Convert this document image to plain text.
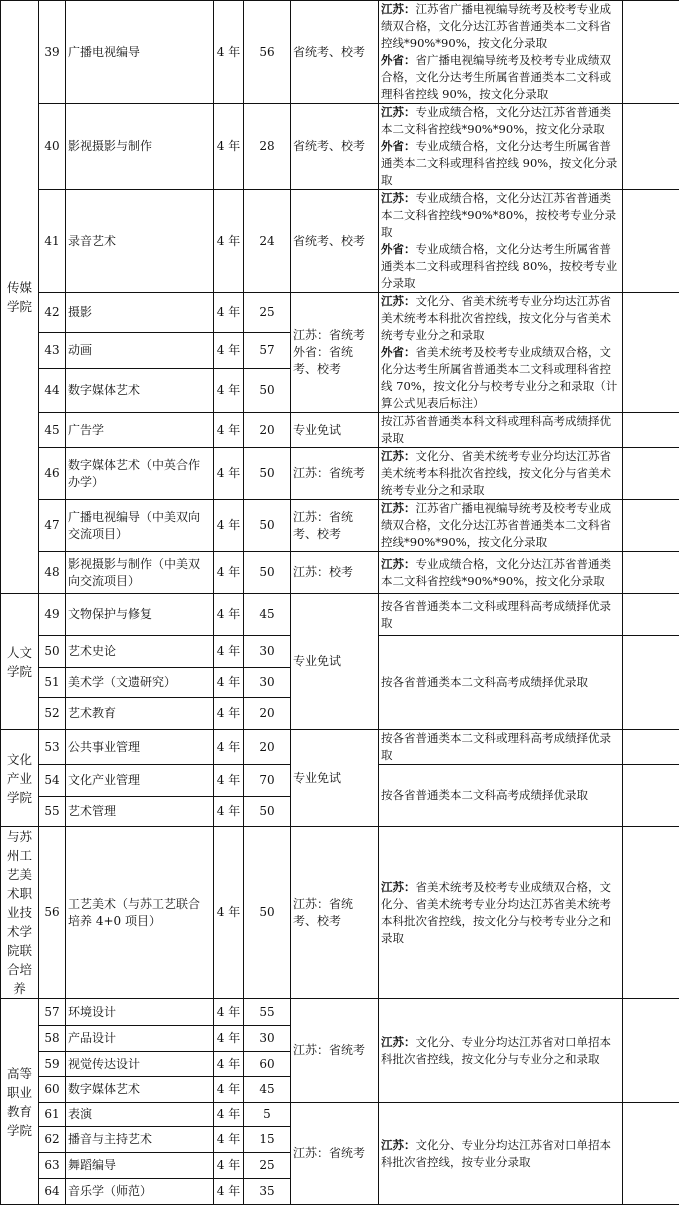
传媒学院	39	广播电视编导	4 年	56	省统考、校考	江苏：江苏省广播电视编导统考及校考专业成绩双合格，文化分达江苏省普通类本二文科省控线*90%*90%，按文化分录取
外省：省广播电视编导统考及校考专业成绩双合格，文化分达考生所属省普通类本二文科或理科省控线 90%，按文化分录取	

	40	影视摄影与制作	4 年	28	省统考、校考	江苏：专业成绩合格，文化分达江苏省普通类本二文科省控线*90%*90%，按文化分录取
外省：专业成绩合格，文化分达考生所属省普通类本二文科或理科省控线 90%，按文化分录取	

	41	录音艺术	4 年	24	省统考、校考	江苏：专业成绩合格，文化分达江苏省普通类本二文科省控线*90%*80%，按校考专业分录取
外省：专业成绩合格，文化分达考生所属省普通类本二文科或理科省控线 80%，按校考专业分录取	

	42	摄影	4 年	25	江苏：省统考 外省：省统考、校考	江苏：文化分、省美术统考专业分均达江苏省美术统考本科批次省控线，按文化分与省美术统考专业分之和录取
外省：省美术统考及校考专业成绩双合格，文化分达考生所属省普通类本二文科或理科省控线 70%，按文化分与校考专业分之和录取（计算公式见表后标注）	

	43	动画	4 年	57			
	44	数字媒体艺术	4 年	50			
	45	广告学	4 年	20	专业免试	按江苏省普通类本科文科或理科高考成绩择优录取	

	46	数字媒体艺术（中英合作办学）	4 年	50	江苏：省统考	江苏：文化分、省美术统考专业分均达江苏省美术统考本科批次省控线，按文化分与省美术统考专业分之和录取	

	47	广播电视编导（中美双向交流项目）	4 年	50	江苏：省统考、校考	江苏：江苏省广播电视编导统考及校考专业成绩双合格，文化分达江苏省普通类本二文科省控线*90%*90%，按文化分录取	

	48	影视摄影与制作（中美双向交流项目）	4 年	50	江苏：校考	江苏：专业成绩合格，文化分达江苏省普通类本二文科省控线*90%*90%，按文化分录取	

人文学院	49	文物保护与修复	4 年	45	专业免试	按各省普通类本二文科或理科高考成绩择优录取	

	50	艺术史论	4 年	30		按各省普通类本二文科高考成绩择优录取	

	51	美术学（文遗研究）	4 年	30			
	52	艺术教育	4 年	20			
文化产业学院	53	公共事业管理	4 年	20	专业免试	按各省普通类本二文科或理科高考成绩择优录取	

	54	文化产业管理	4 年	70		按各省普通类本二文科高考成绩择优录取	

	55	艺术管理	4 年	50			
与苏州工艺美术职业技术学院联合培养	56	工艺美术（与苏工艺联合培养 4+0 项目）	4 年	50	江苏：省统考、校考	江苏：省美术统考及校考专业成绩双合格，文化分、省美术统考专业分均达江苏省美术统考本科批次省控线，按文化分与校考专业分之和录取	

高等职业教育学院	57	环境设计	4 年	55	江苏：省统考	江苏：文化分、专业分均达江苏省对口单招本科批次省控线，按文化分与专业分之和录取	

	58	产品设计	4 年	30			
	59	视觉传达设计	4 年	60			
	60	数字媒体艺术	4 年	45			
	61	表演	4 年	5	江苏：省统考	江苏：文化分、专业分均达江苏省对口单招本科批次省控线，按专业分录取	

	62	播音与主持艺术	4 年	15			
	63	舞蹈编导	4 年	25			
	64	音乐学（师范）	4 年	35			
